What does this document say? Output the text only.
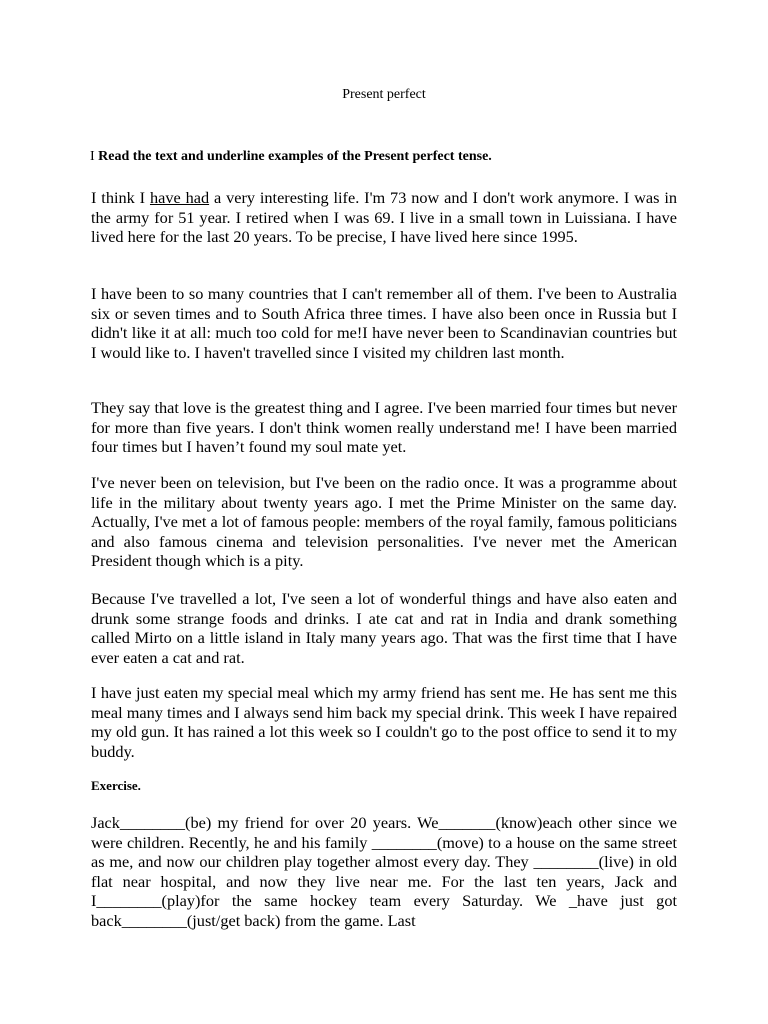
Present perfect
I Read the text and underline examples of the Present perfect tense.

I think I have had a very interesting life. I'm 73 now and I don't work anymore. I was in the army for 51 year. I retired when I was 69. I live in a small town in Luissiana. I have lived here for the last 20 years. To be precise, I have lived here since 1995.

I have been to so many countries that I can't remember all of them. I've been to Australia six or seven times and to South Africa three times. I have also been once in Russia but I didn't like it at all: much too cold for me!I have never been to Scandinavian countries but I would like to. I haven't travelled since I visited my children last month.

They say that love is the greatest thing and I agree. I've been married four times but never for more than five years. I don't think women really understand me! I have been married four times but I haven’t found my soul mate yet.

I've never been on television, but I've been on the radio once. It was a programme about life in the military about twenty years ago. I met the Prime Minister on the same day. Actually, I've met a lot of famous people: members of the royal family, famous politicians and also famous cinema and television personalities. I've never met the American President though which is a pity.

Because I've travelled a lot, I've seen a lot of wonderful things and have also eaten and drunk some strange foods and drinks. I ate cat and rat in India and drank something called Mirto on a little island in Italy many years ago. That was the first time that I have ever eaten a cat and rat.

I have just eaten my special meal which my army friend has sent me. He has sent me this meal many times and I always send him back my special drink. This week I have repaired my old gun. It has rained a lot this week so I couldn't go to the post office to send it to my buddy.

Exercise.

Jack________(be) my friend for over 20 years. We_______(know)each other since we were children. Recently, he and his family ________(move) to a house on the same street as me, and now our children play together almost every day. They ________(live) in old flat near hospital, and now they live near me. For the last ten years, Jack and I________(play)for the same hockey team every Saturday. We _have just got back________(just/get back) from the game. Last
